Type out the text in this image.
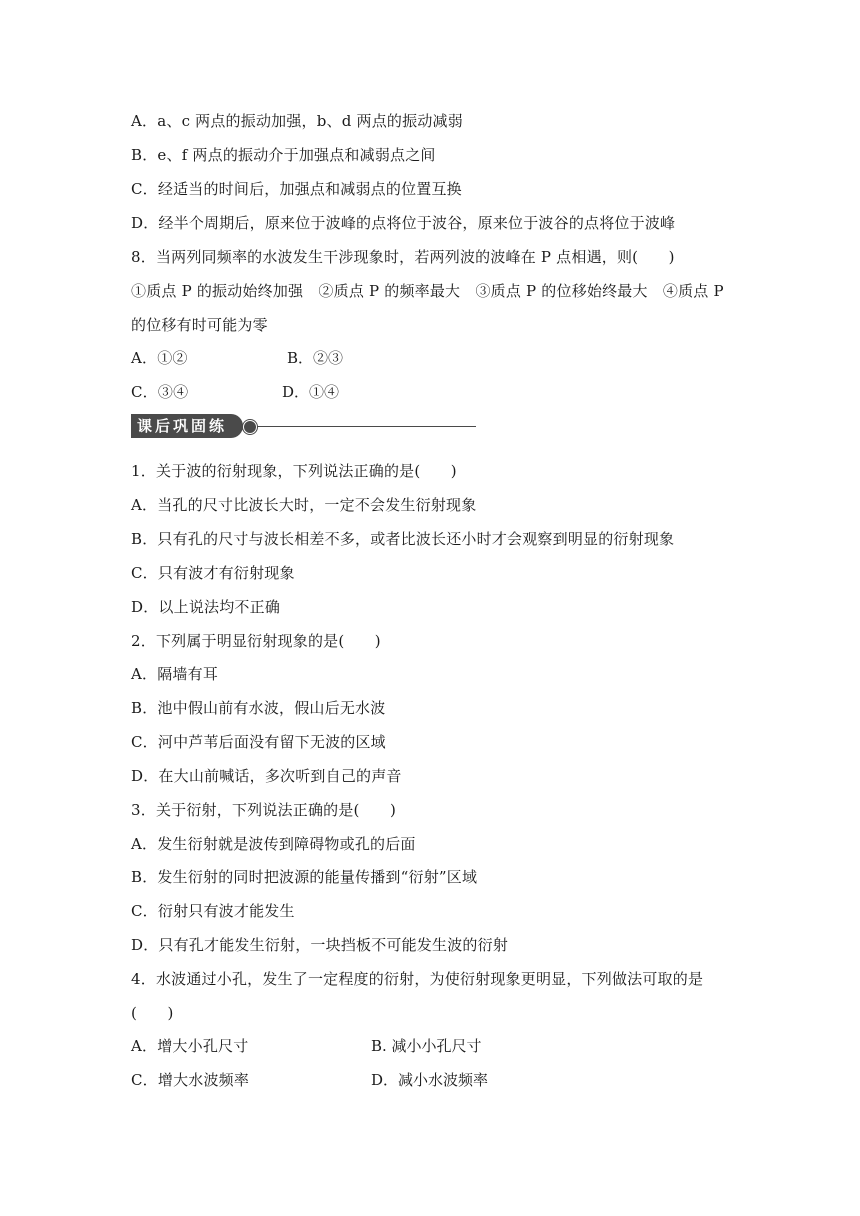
A．a、c 两点的振动加强，b、d 两点的振动减弱
B．e、f 两点的振动介于加强点和减弱点之间
C．经适当的时间后，加强点和减弱点的位置互换
D．经半个周期后，原来位于波峰的点将位于波谷，原来位于波谷的点将位于波峰
8．当两列同频率的水波发生干涉现象时，若两列波的波峰在 P 点相遇，则(　　)
①质点 P 的振动始终加强　②质点 P 的频率最大　③质点 P 的位移始终最大　④质点 P
的位移有时可能为零
A．①②	B．②③
C．③④	D．①④
课后巩固练
1．关于波的衍射现象，下列说法正确的是(　　)
A．当孔的尺寸比波长大时，一定不会发生衍射现象
B．只有孔的尺寸与波长相差不多，或者比波长还小时才会观察到明显的衍射现象
C．只有波才有衍射现象
D．以上说法均不正确
2．下列属于明显衍射现象的是(　　)
A．隔墙有耳
B．池中假山前有水波，假山后无水波
C．河中芦苇后面没有留下无波的区域
D．在大山前喊话，多次听到自己的声音
3．关于衍射，下列说法正确的是(　　)
A．发生衍射就是波传到障碍物或孔的后面
B．发生衍射的同时把波源的能量传播到“衍射”区域
C．衍射只有波才能发生
D．只有孔才能发生衍射，一块挡板不可能发生波的衍射
4．水波通过小孔，发生了一定程度的衍射，为使衍射现象更明显，下列做法可取的是
(　　)
A．增大小孔尺寸	B. 减小小孔尺寸
C．增大水波频率	D．减小水波频率
